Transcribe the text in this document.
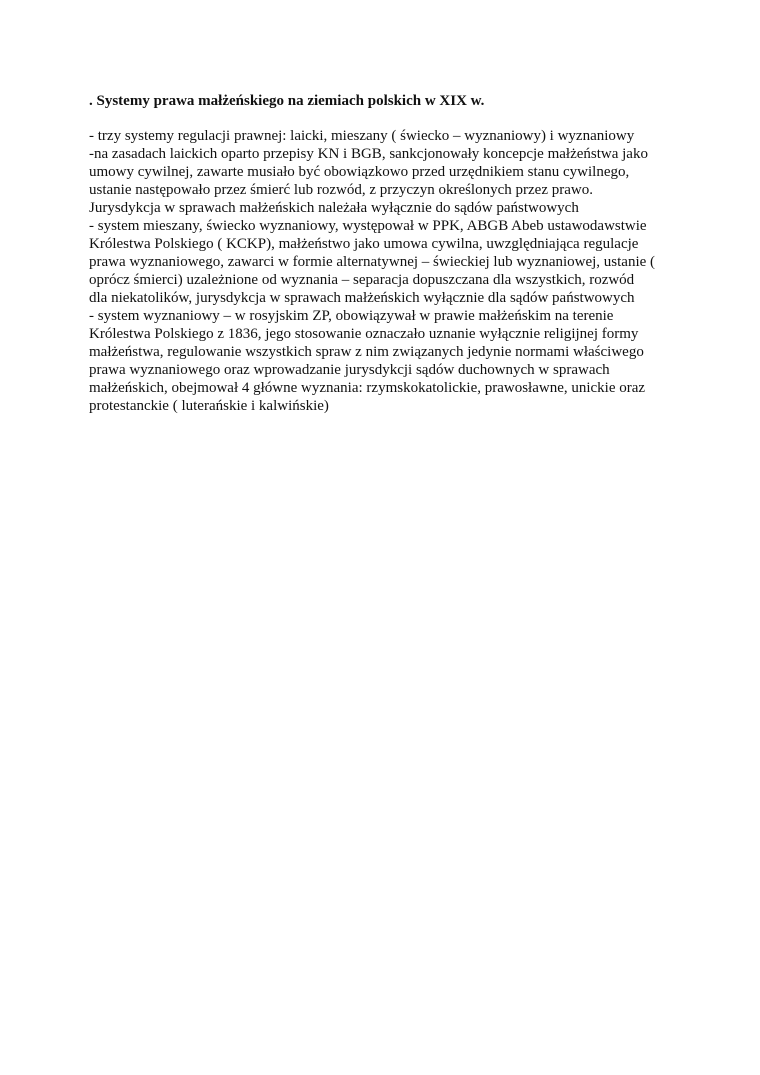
. Systemy prawa małżeńskiego na ziemiach polskich w XIX w.

- trzy systemy regulacji prawnej: laicki, mieszany ( świecko – wyznaniowy) i wyznaniowy
-na zasadach laickich oparto przepisy KN i BGB, sankcjonowały koncepcje małżeństwa jako
umowy cywilnej, zawarte musiało być obowiązkowo przed urzędnikiem stanu cywilnego,
ustanie następowało przez śmierć lub rozwód, z przyczyn określonych przez prawo.
Jurysdykcja w sprawach małżeńskich należała wyłącznie do sądów państwowych
- system mieszany, świecko wyznaniowy, występował w PPK, ABGB Abeb ustawodawstwie
Królestwa Polskiego ( KCKP), małżeństwo jako umowa cywilna, uwzględniająca regulacje
prawa wyznaniowego, zawarci w formie alternatywnej – świeckiej lub wyznaniowej, ustanie (
oprócz śmierci) uzależnione od wyznania – separacja dopuszczana dla wszystkich, rozwód
dla niekatolików, jurysdykcja w sprawach małżeńskich wyłącznie dla sądów państwowych
- system wyznaniowy – w rosyjskim ZP, obowiązywał w prawie małżeńskim na terenie
Królestwa Polskiego z 1836, jego stosowanie oznaczało uznanie wyłącznie religijnej formy
małżeństwa, regulowanie wszystkich spraw z nim związanych jedynie normami właściwego
prawa wyznaniowego oraz wprowadzanie jurysdykcji sądów duchownych w sprawach
małżeńskich, obejmował 4 główne wyznania: rzymskokatolickie, prawosławne, unickie oraz
protestanckie ( luterańskie i kalwińskie)
